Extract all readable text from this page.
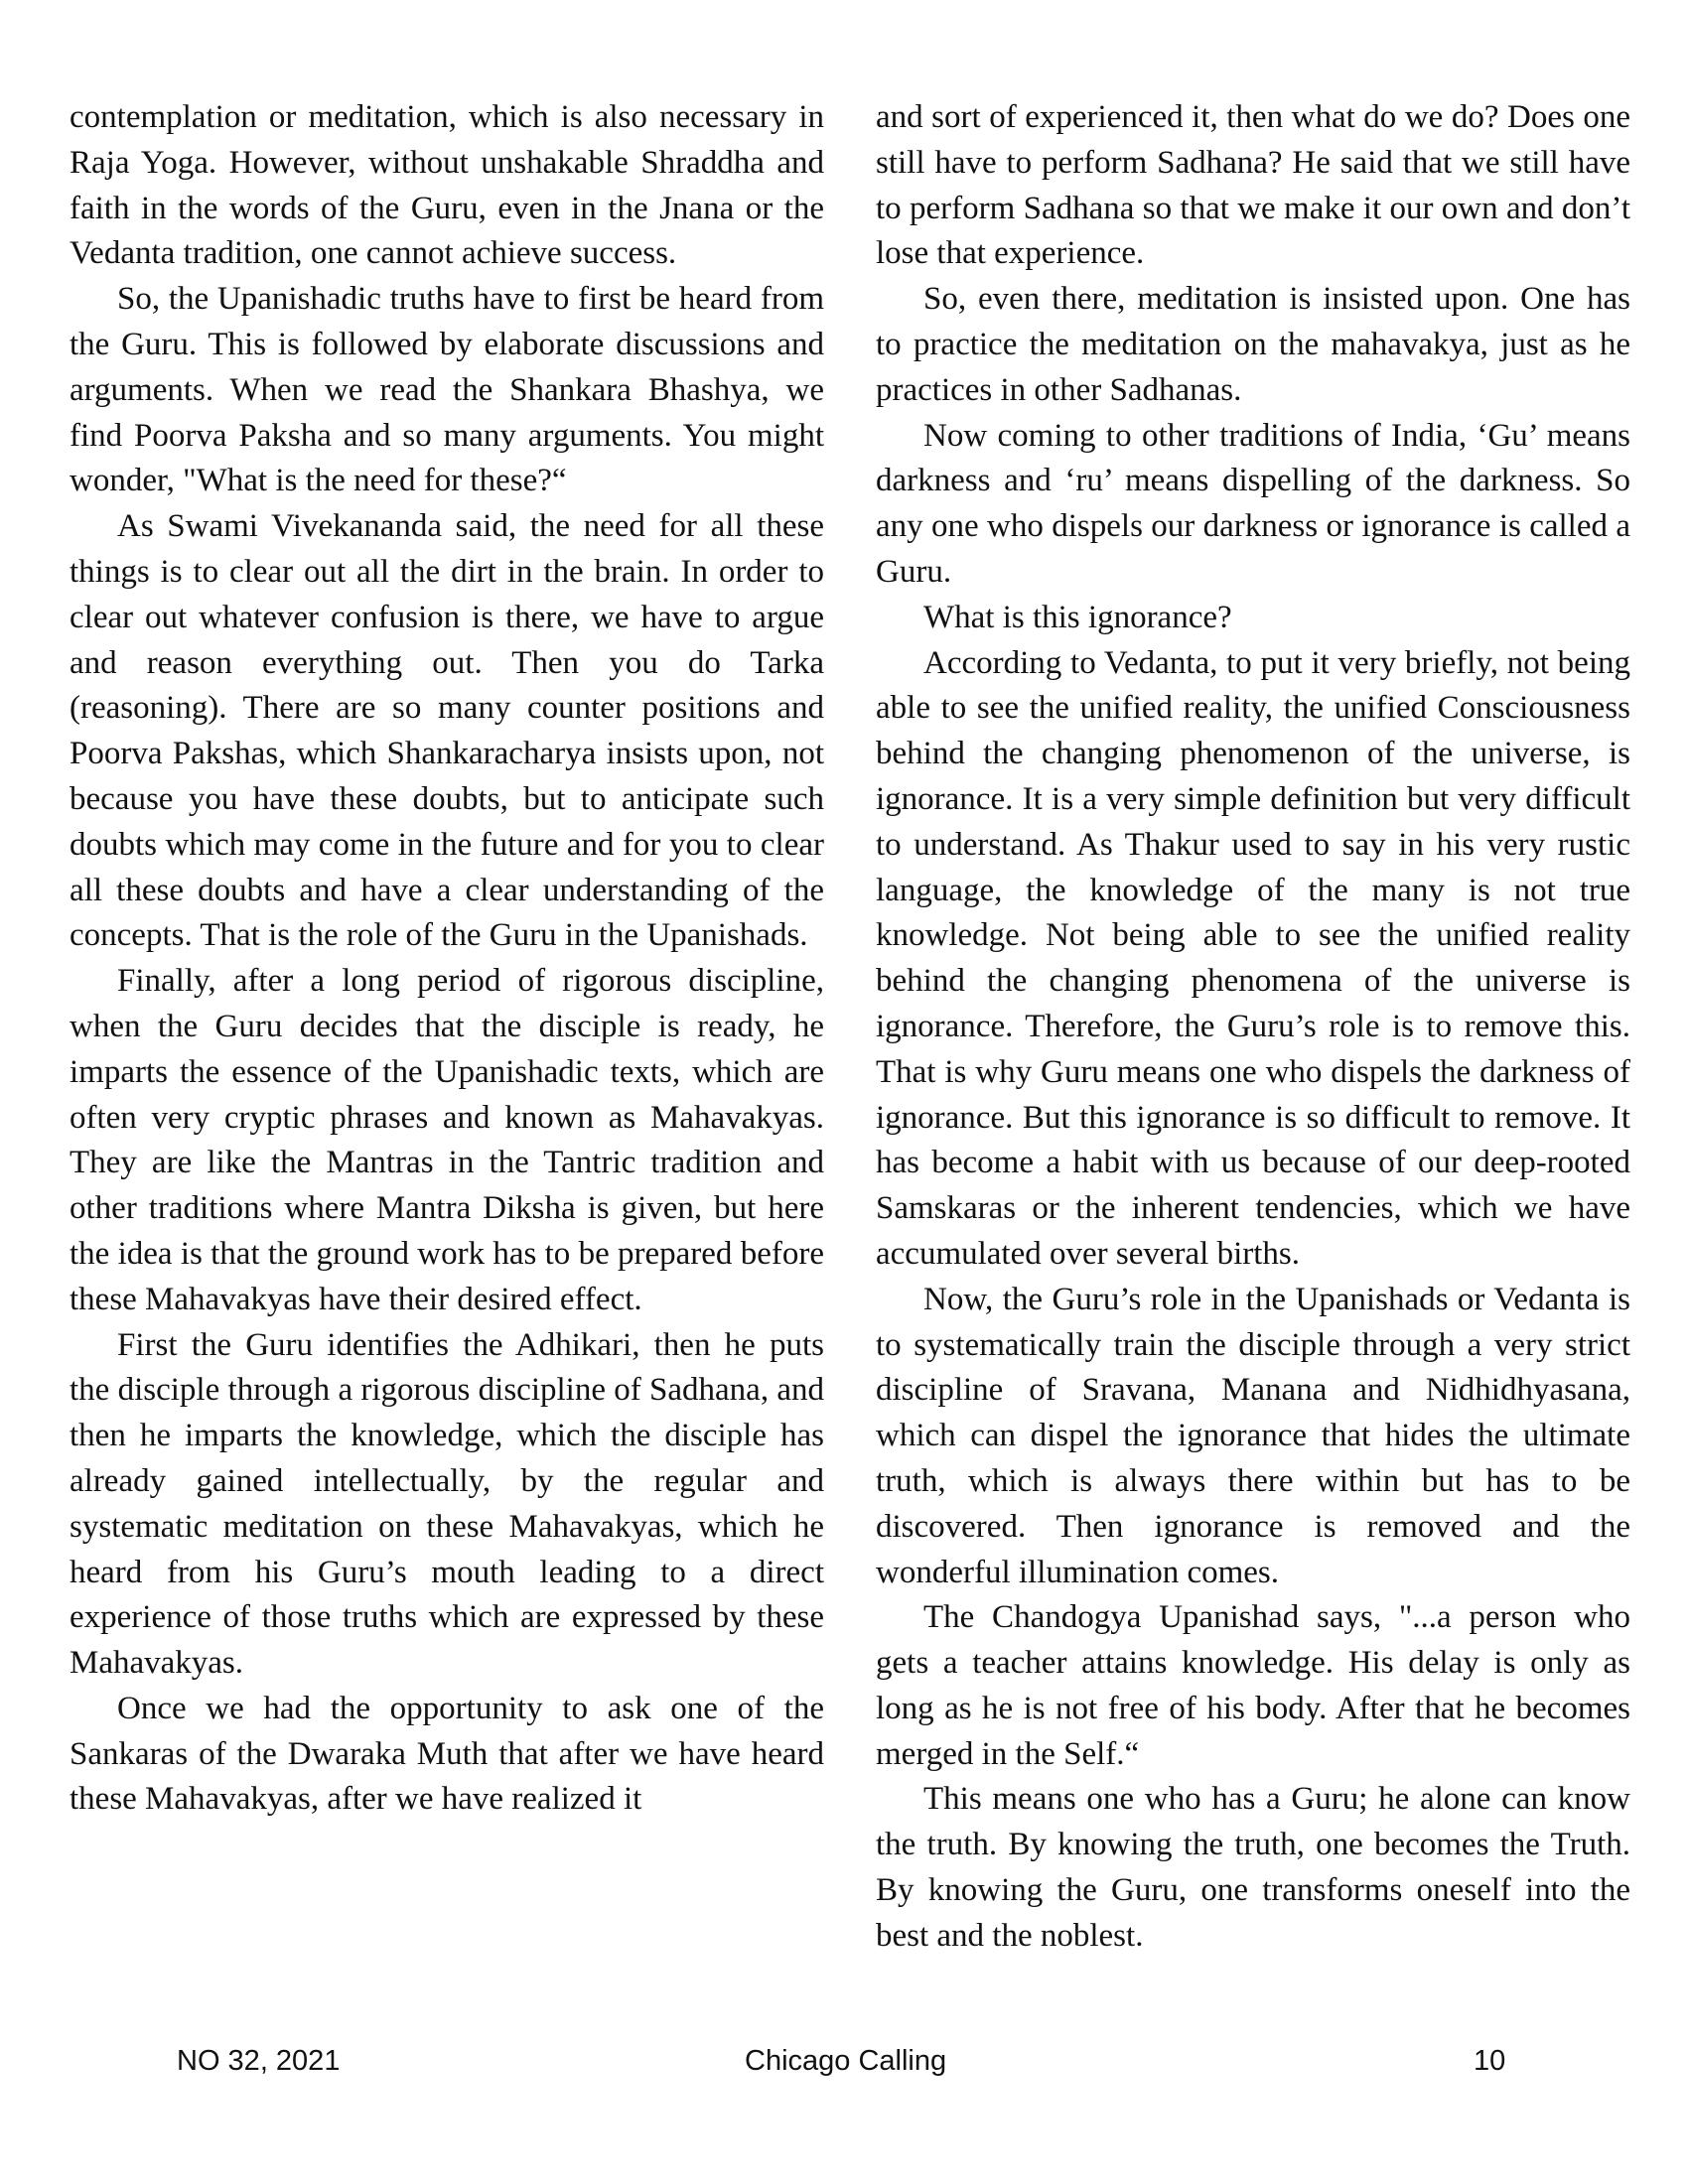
contemplation or meditation, which is also necessary in Raja Yoga. However, without unshakable Shraddha and faith in the words of the Guru, even in the Jnana or the Vedanta tradition, one cannot achieve success.

So, the Upanishadic truths have to first be heard from the Guru. This is followed by elaborate discussions and arguments. When we read the Shankara Bhashya, we find Poorva Paksha and so many arguments. You might wonder, "What is the need for these?“

As Swami Vivekananda said, the need for all these things is to clear out all the dirt in the brain. In order to clear out whatever confusion is there, we have to argue and reason everything out. Then you do Tarka (reasoning). There are so many counter positions and Poorva Pakshas, which Shankaracharya insists upon, not because you have these doubts, but to anticipate such doubts which may come in the future and for you to clear all these doubts and have a clear understanding of the concepts. That is the role of the Guru in the Upanishads.

Finally, after a long period of rigorous discipline, when the Guru decides that the disciple is ready, he imparts the essence of the Upanishadic texts, which are often very cryptic phrases and known as Mahavakyas. They are like the Mantras in the Tantric tradition and other traditions where Mantra Diksha is given, but here the idea is that the ground work has to be prepared before these Mahavakyas have their desired effect.

First the Guru identifies the Adhikari, then he puts the disciple through a rigorous discipline of Sadhana, and then he imparts the knowledge, which the disciple has already gained intellectually, by the regular and systematic meditation on these Mahavakyas, which he heard from his Guru’s mouth leading to a direct experience of those truths which are expressed by these Mahavakyas.

Once we had the opportunity to ask one of the Sankaras of the Dwaraka Muth that after we have heard these Mahavakyas, after we have realized it

and sort of experienced it, then what do we do? Does one still have to perform Sadhana? He said that we still have to perform Sadhana so that we make it our own and don’t lose that experience.

So, even there, meditation is insisted upon. One has to practice the meditation on the mahavakya, just as he practices in other Sadhanas.

Now coming to other traditions of India, ‘Gu’ means darkness and ‘ru’ means dispelling of the darkness. So any one who dispels our darkness or ignorance is called a Guru.

What is this ignorance?

According to Vedanta, to put it very briefly, not being able to see the unified reality, the unified Consciousness behind the changing phenomenon of the universe, is ignorance. It is a very simple definition but very difficult to understand. As Thakur used to say in his very rustic language, the knowledge of the many is not true knowledge. Not being able to see the unified reality behind the changing phenomena of the universe is ignorance. Therefore, the Guru’s role is to remove this. That is why Guru means one who dispels the darkness of ignorance. But this ignorance is so difficult to remove. It has become a habit with us because of our deep-rooted Samskaras or the inherent tendencies, which we have accumulated over several births.

Now, the Guru’s role in the Upanishads or Vedanta is to systematically train the disciple through a very strict discipline of Sravana, Manana and Nidhidhyasana, which can dispel the ignorance that hides the ultimate truth, which is always there within but has to be discovered. Then ignorance is removed and the wonderful illumination comes.

The Chandogya Upanishad says, "...a person who gets a teacher attains knowledge. His delay is only as long as he is not free of his body. After that he becomes merged in the Self.“

This means one who has a Guru; he alone can know the truth. By knowing the truth, one becomes the Truth. By knowing the Guru, one transforms oneself into the best and the noblest.

NO 32, 2021	Chicago Calling	10
